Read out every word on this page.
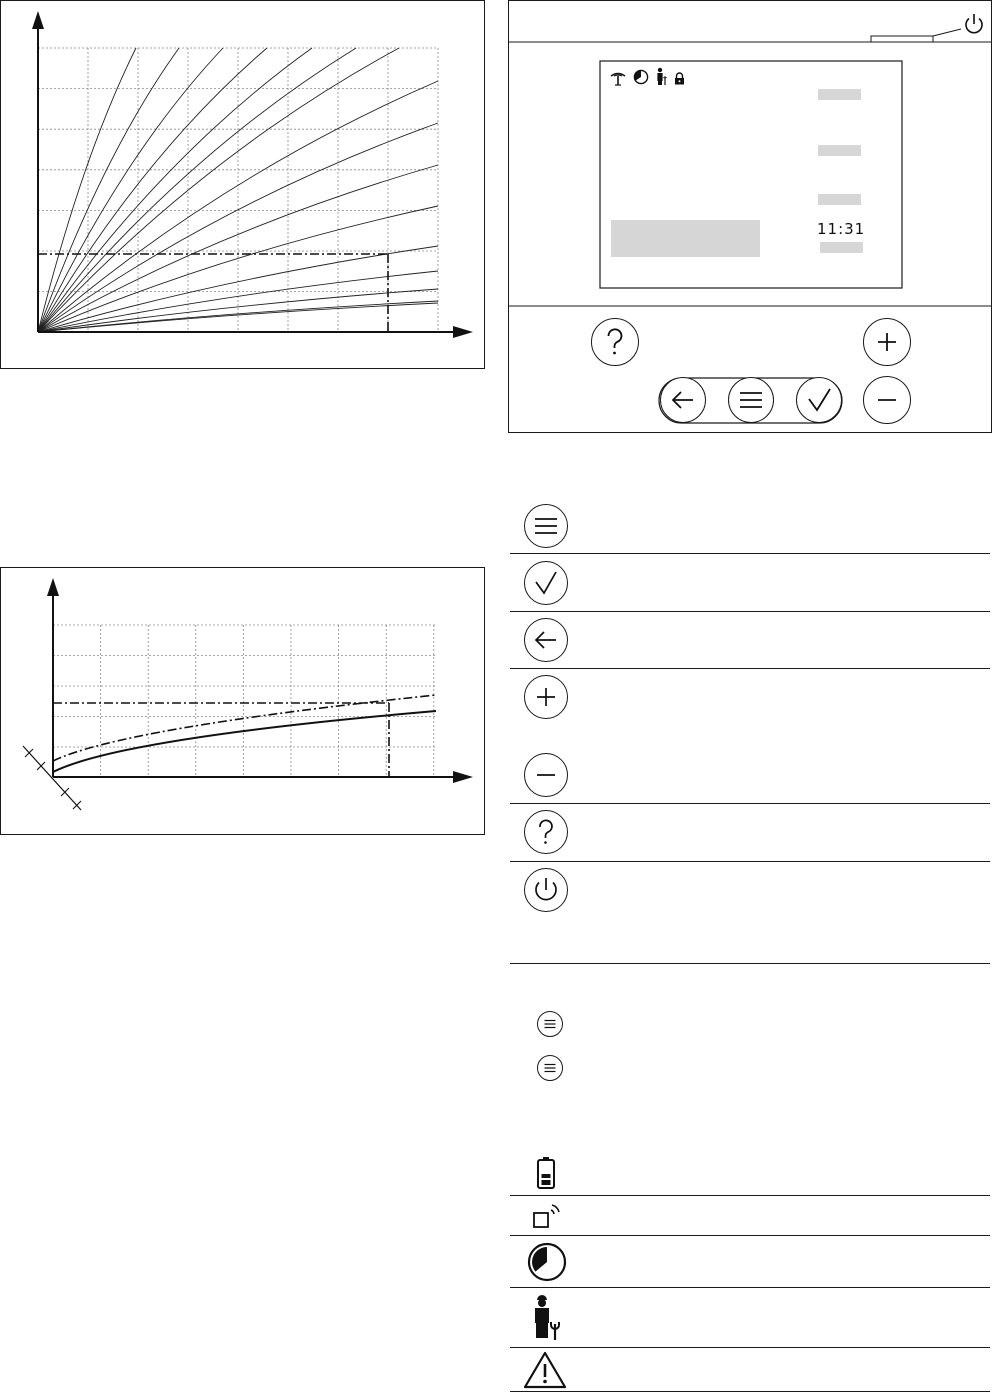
11:31
